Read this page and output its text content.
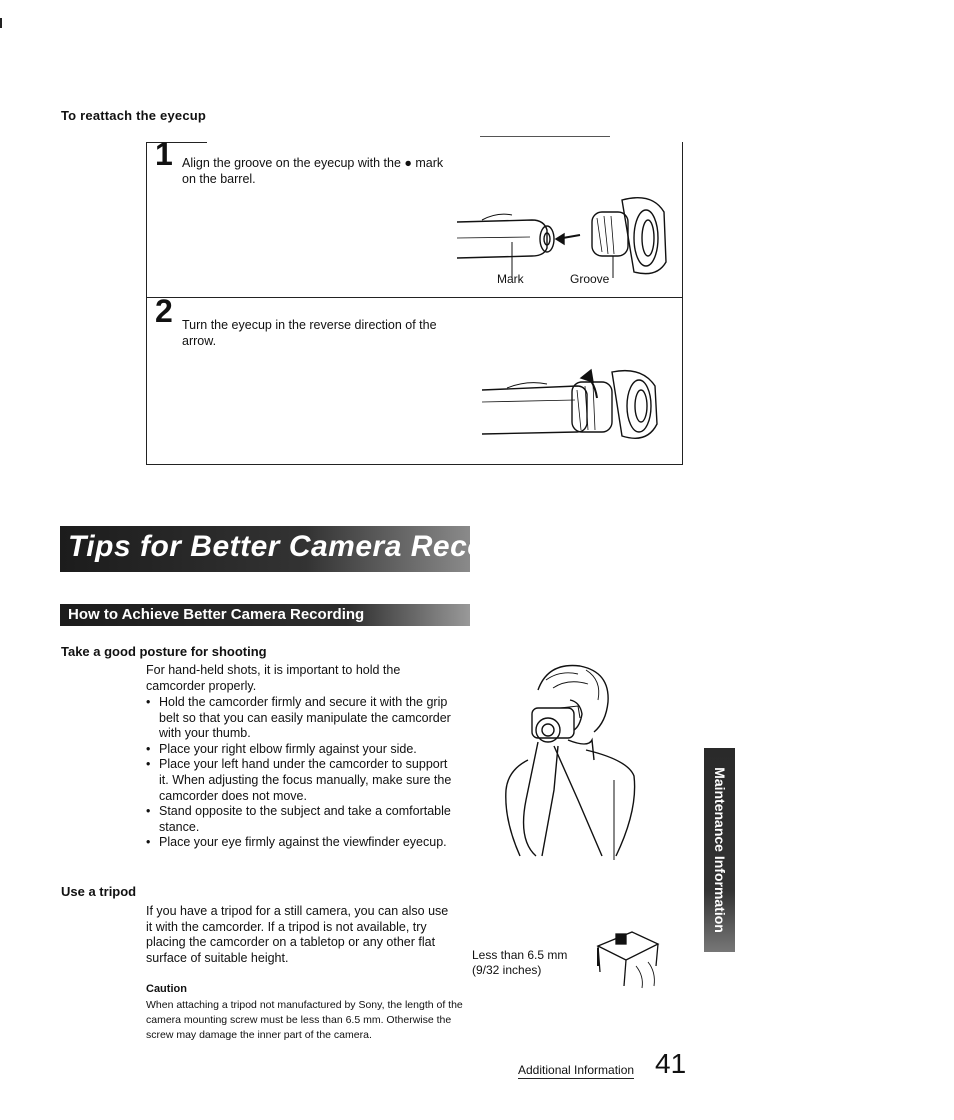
To reattach the eyecup
1 Align the groove on the eyecup with the ● mark on the barrel.
Mark	Groove
2 Turn the eyecup in the reverse direction of the arrow.
Tips for Better Camera Recording
How to Achieve Better Camera Recording
Take a good posture for shooting
For hand-held shots, it is important to hold the camcorder properly.
• Hold the camcorder firmly and secure it with the grip belt so that you can easily manipulate the camcorder with your thumb.
• Place your right elbow firmly against your side.
• Place your left hand under the camcorder to support it. When adjusting the focus manually, make sure the camcorder does not move.
• Stand opposite to the subject and take a comfortable stance.
• Place your eye firmly against the viewfinder eyecup.
Use a tripod
If you have a tripod for a still camera, you can also use it with the camcorder. If a tripod is not available, try placing the camcorder on a tabletop or any other flat surface of suitable height.
Caution
When attaching a tripod not manufactured by Sony, the length of the camera mounting screw must be less than 6.5 mm. Otherwise the screw may damage the inner part of the camera.
Less than 6.5 mm
(9/32 inches)
Maintenance Information
Additional Information 41
